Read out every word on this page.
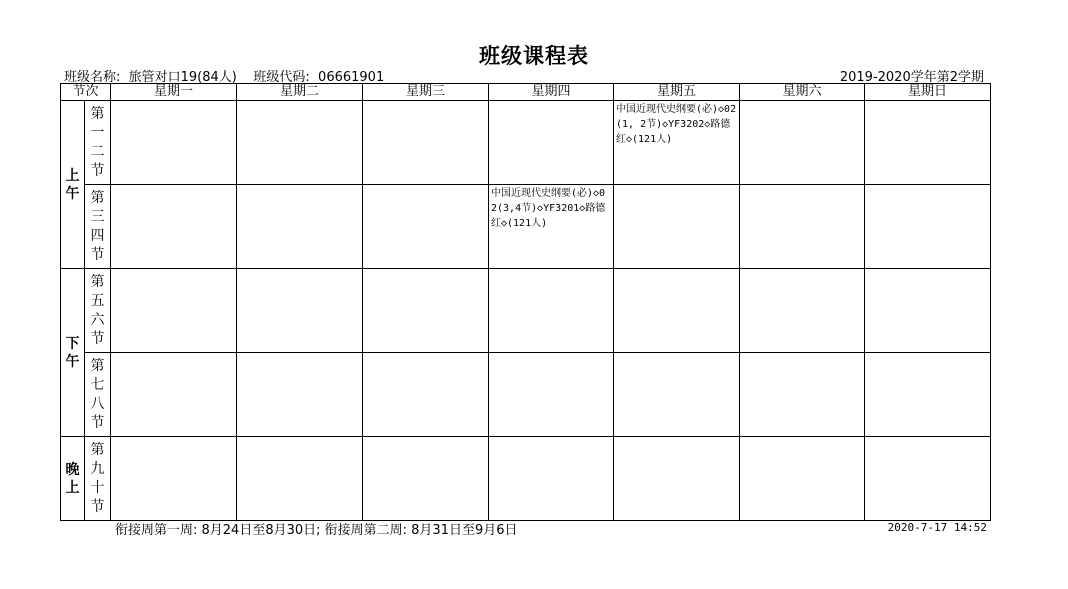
班级课程表
班级名称:  旅管对口19(84人)    班级代码:  06661901	2019-2020学年第2学期
节次		星期一	星期二	星期三	星期四	星期五	星期六	星期日

上午	第一二节					中国近现代史纲要(必)◇02(1, 2节)◇YF3202◇路德红◇(121人)		

	第三四节				中国近现代史纲要(必)◇02(3,4节)◇YF3201◇路德红◇(121人)			

下午	第五六节							

	第七八节							

晚上	第九十节							

衔接周第一周: 8月24日至8月30日; 衔接周第二周: 8月31日至9月6日	2020-7-17 14:52
